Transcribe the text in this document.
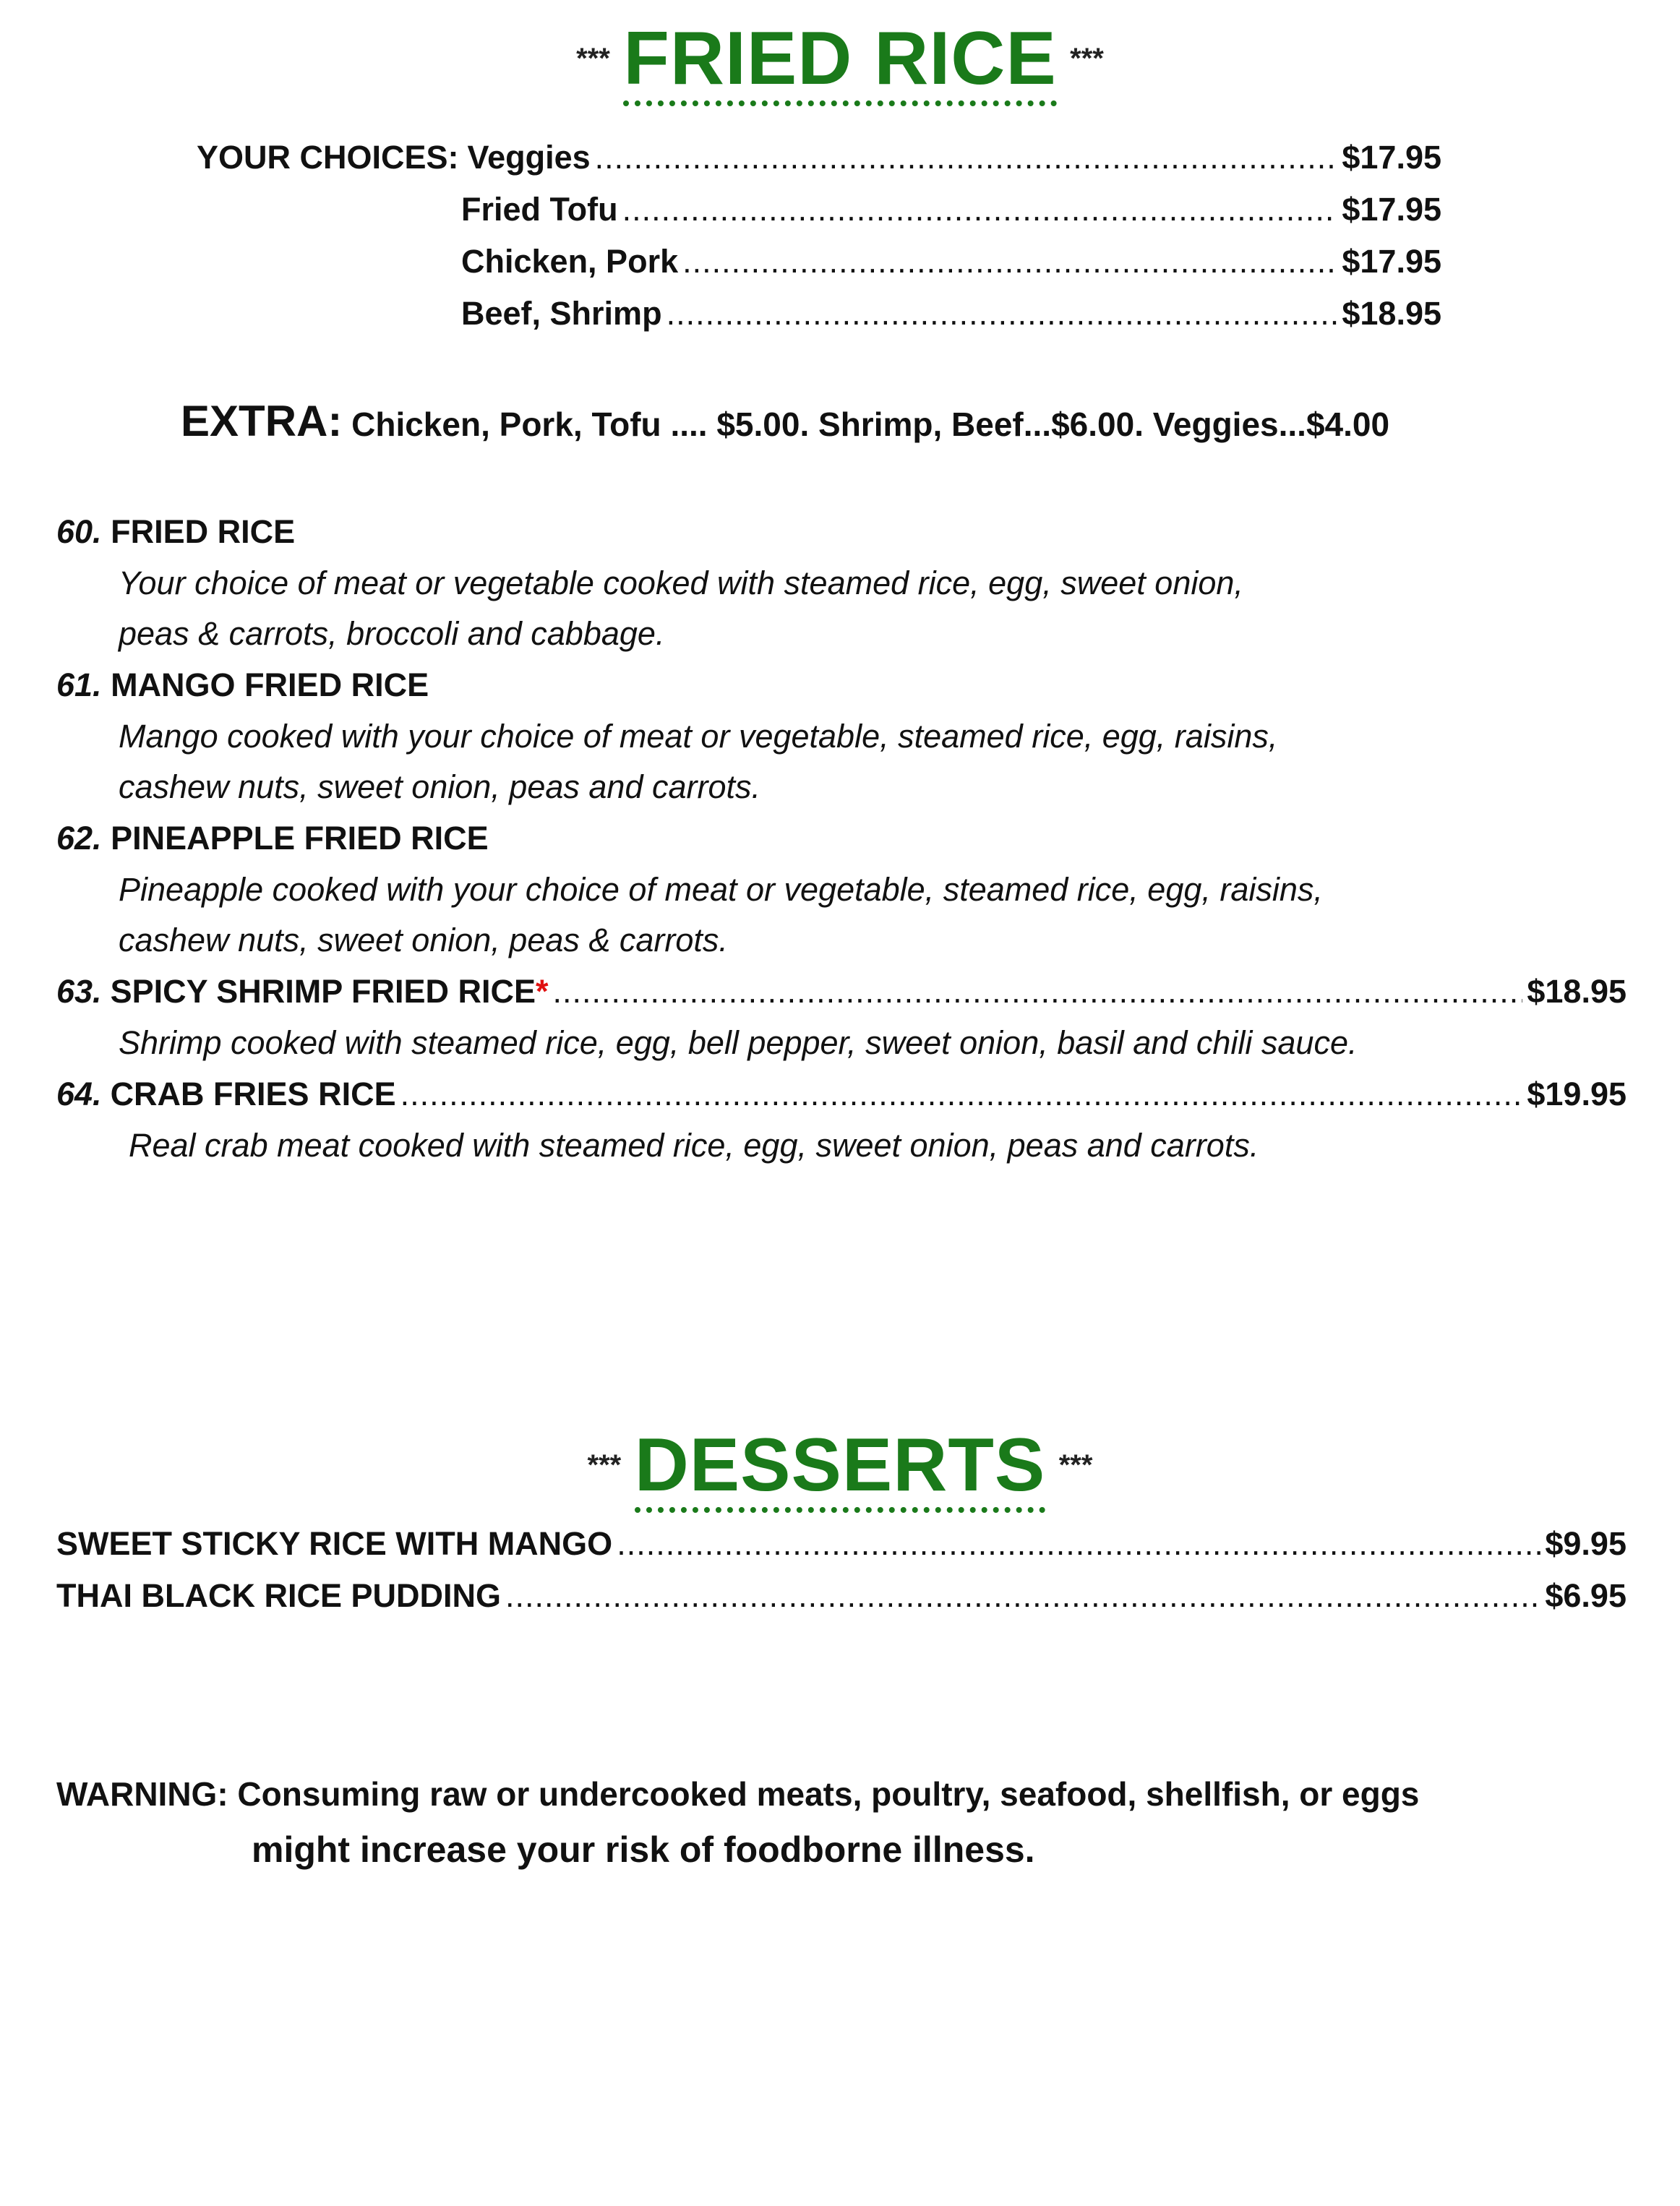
*** FRIED RICE ***
YOUR CHOICES: Veggies .....	$17.95
Fried Tofu .....	$17.95
Chicken, Pork .....	$17.95
Beef, Shrimp .....	$18.95
EXTRA: Chicken, Pork, Tofu .... $5.00. Shrimp, Beef...$6.00. Veggies...$4.00
60. FRIED RICE
Your choice of meat or vegetable cooked with steamed rice, egg, sweet onion,
peas & carrots, broccoli and cabbage.
61. MANGO FRIED RICE
Mango cooked with your choice of meat or vegetable, steamed rice, egg, raisins,
cashew nuts, sweet onion, peas and carrots.
62. PINEAPPLE FRIED RICE
Pineapple cooked with your choice of meat or vegetable, steamed rice, egg, raisins,
cashew nuts, sweet onion, peas & carrots.
63. SPICY SHRIMP FRIED RICE * .....	$18.95
Shrimp cooked with steamed rice, egg, bell pepper, sweet onion, basil and chili sauce.
64. CRAB FRIES RICE .....	$19.95
Real crab meat cooked with steamed rice, egg, sweet onion, peas and carrots.
*** DESSERTS ***
SWEET STICKY RICE WITH MANGO .....	$9.95
THAI BLACK RICE PUDDING .....	$6.95
WARNING: Consuming raw or undercooked meats, poultry, seafood, shellfish, or eggs
might increase your risk of foodborne illness.
